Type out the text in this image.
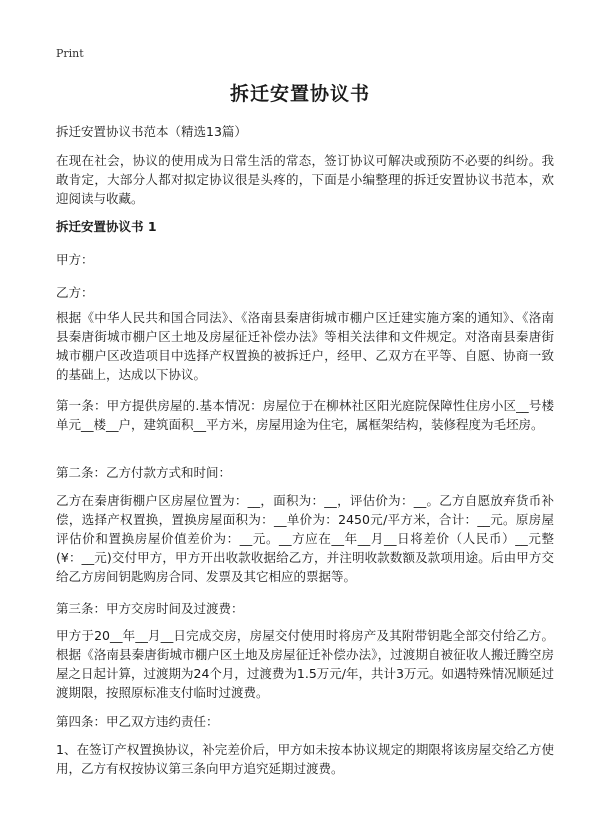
Print
拆迁安置协议书
拆迁安置协议书范本（精选13篇）

在现在社会，协议的使用成为日常生活的常态，签订协议可解决或预防不必要的纠纷。我敢肯定，大部分人都对拟定协议很是头疼的，下面是小编整理的拆迁安置协议书范本，欢迎阅读与收藏。

拆迁安置协议书 1
甲方：
乙方：

根据《中华人民共和国合同法》、《洛南县秦唐街城市棚户区迁建实施方案的通知》、《洛南县秦唐街城市棚户区土地及房屋征迁补偿办法》等相关法律和文件规定。对洛南县秦唐街城市棚户区改造项目中选择产权置换的被拆迁户，经甲、乙双方在平等、自愿、协商一致的基础上，达成以下协议。

第一条：甲方提供房屋的.基本情况：房屋位于在柳林社区阳光庭院保障性住房小区__号楼单元__楼__户，建筑面积__平方米，房屋用途为住宅，属框架结构，装修程度为毛坯房。

第二条：乙方付款方式和时间：

乙方在秦唐街棚户区房屋位置为：__，面积为：__，评估价为：__。乙方自愿放弃货币补偿，选择产权置换，置换房屋面积为：__单价为：2450元/平方米，合计：__元。原房屋评估价和置换房屋价值差价为：__元。__方应在__年__月__日将差价（人民币）__元整(¥：__元)交付甲方，甲方开出收款收据给乙方，并注明收款数额及款项用途。后由甲方交给乙方房间钥匙购房合同、发票及其它相应的票据等。

第三条：甲方交房时间及过渡费：

甲方于20__年__月__日完成交房，房屋交付使用时将房产及其附带钥匙全部交付给乙方。根据《洛南县秦唐街城市棚户区土地及房屋征迁补偿办法》，过渡期自被征收人搬迁腾空房屋之日起计算，过渡期为24个月，过渡费为1.5万元/年，共计3万元。如遇特殊情况顺延过渡期限，按照原标准支付临时过渡费。

第四条：甲乙双方违约责任：

1、在签订产权置换协议，补完差价后，甲方如未按本协议规定的期限将该房屋交给乙方使用，乙方有权按协议第三条向甲方追究延期过渡费。
